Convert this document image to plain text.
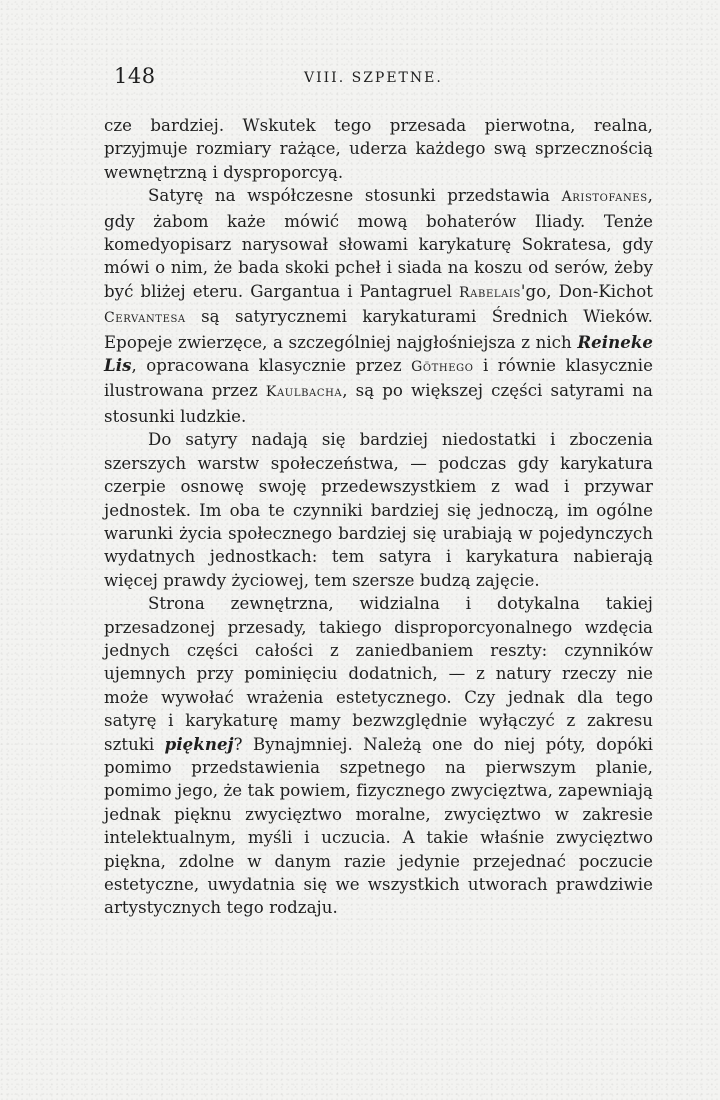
148	VIII. SZPETNE.

cze bardziej. Wskutek tego przesada pierwotna, realna, przyjmuje rozmiary rażące, uderza każdego swą sprzecznością wewnętrzną i dysproporcyą.

Satyrę na współczesne stosunki przedstawia Aristofanes, gdy żabom każe mówić mową bohaterów Iliady. Tenże komedyopisarz narysował słowami karykaturę Sokratesa, gdy mówi o nim, że bada skoki pcheł i siada na koszu od serów, żeby być bliżej eteru. Gargantua i Pantagruel Rabelais'go, Don-Kichot Cervantesa są satyrycznemi karykaturami Średnich Wieków. Epopeje zwierzęce, a szczególniej najgłośniejsza z nich Reineke Lis, opracowana klasycznie przez Göthego i równie klasycznie ilustrowana przez Kaulbacha, są po większej części satyrami na stosunki ludzkie.

Do satyry nadają się bardziej niedostatki i zboczenia szerszych warstw społeczeństwa, — podczas gdy karykatura czerpie osnowę swoję przedewszystkiem z wad i przywar jednostek. Im oba te czynniki bardziej się jednoczą, im ogólne warunki życia społecznego bardziej się urabiają w pojedynczych wydatnych jednostkach: tem satyra i karykatura nabierają więcej prawdy życiowej, tem szersze budzą zajęcie.

Strona zewnętrzna, widzialna i dotykalna takiej przesadzonej przesady, takiego disproporcyonalnego wzdęcia jednych części całości z zaniedbaniem reszty: czynników ujemnych przy pominięciu dodatnich, — z natury rzeczy nie może wywołać wrażenia estetycznego. Czy jednak dla tego satyrę i karykaturę mamy bezwzględnie wyłączyć z zakresu sztuki pięknej? Bynajmniej. Należą one do niej póty, dopóki pomimo przedstawienia szpetnego na pierwszym planie, pomimo jego, że tak powiem, fizycznego zwycięztwa, zapewniają jednak pięknu zwycięztwo moralne, zwycięztwo w zakresie intelektualnym, myśli i uczucia. A takie właśnie zwycięztwo piękna, zdolne w danym razie jedynie przejednać poczucie estetyczne, uwydatnia się we wszystkich utworach prawdziwie artystycznych tego rodzaju.
